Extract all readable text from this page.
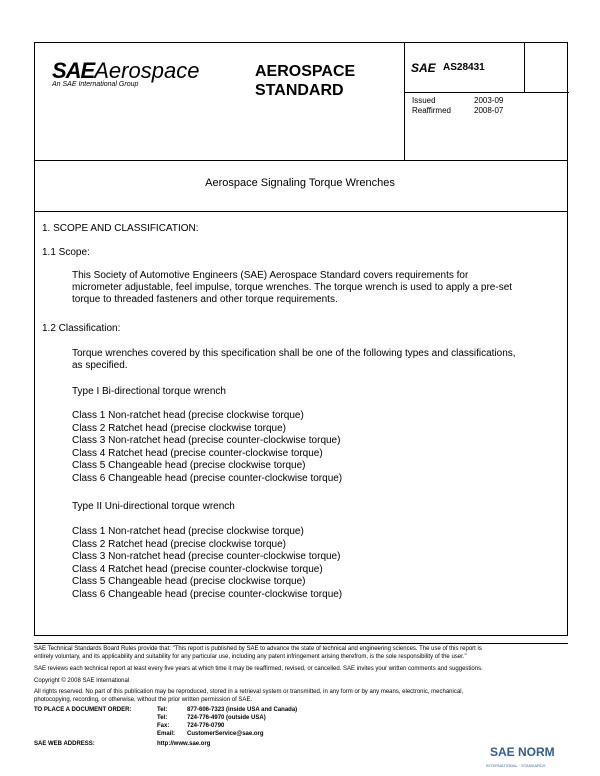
SAEAerospace
An SAE International Group
AEROSPACE
STANDARD
SAE AS28431
Issued	2003-09
Reaffirmed	2008-07
Aerospace Signaling Torque Wrenches
1. SCOPE AND CLASSIFICATION:
1.1 Scope:
This Society of Automotive Engineers (SAE) Aerospace Standard covers requirements for
micrometer adjustable, feel impulse, torque wrenches. The torque wrench is used to apply a pre-set
torque to threaded fasteners and other torque requirements.
1.2 Classification:
Torque wrenches covered by this specification shall be one of the following types and classifications,
as specified.
Type I Bi-directional torque wrench
Class 1 Non-ratchet head (precise clockwise torque)
Class 2 Ratchet head (precise clockwise torque)
Class 3 Non-ratchet head (precise counter-clockwise torque)
Class 4 Ratchet head (precise counter-clockwise torque)
Class 5 Changeable head (precise clockwise torque)
Class 6 Changeable head (precise counter-clockwise torque)
Type II Uni-directional torque wrench
Class 1 Non-ratchet head (precise clockwise torque)
Class 2 Ratchet head (precise clockwise torque)
Class 3 Non-ratchet head (precise counter-clockwise torque)
Class 4 Ratchet head (precise counter-clockwise torque)
Class 5 Changeable head (precise clockwise torque)
Class 6 Changeable head (precise counter-clockwise torque)
SAE Technical Standards Board Rules provide that: "This report is published by SAE to advance the state of technical and engineering sciences. The use of this report is
entirely voluntary, and its applicability and suitability for any particular use, including any patent infringement arising therefrom, is the sole responsibility of the user."
SAE reviews each technical report at least every five years at which time it may be reaffirmed, revised, or cancelled. SAE invites your written comments and suggestions.
Copyright © 2008 SAE International
All rights reserved. No part of this publication may be reproduced, stored in a retrieval system or transmitted, in any form or by any means, electronic, mechanical,
photocopying, recording, or otherwise, without the prior written permission of SAE.
TO PLACE A DOCUMENT ORDER:	Tel:	877-606-7323 (inside USA and Canada)
Tel:	724-776-4970 (outside USA)
Fax:	724-776-0790
Email: CustomerService@sae.org
SAE WEB ADDRESS:	http://www.sae.org
SAE NORM
INTERNATIONAL · STANDARDS
